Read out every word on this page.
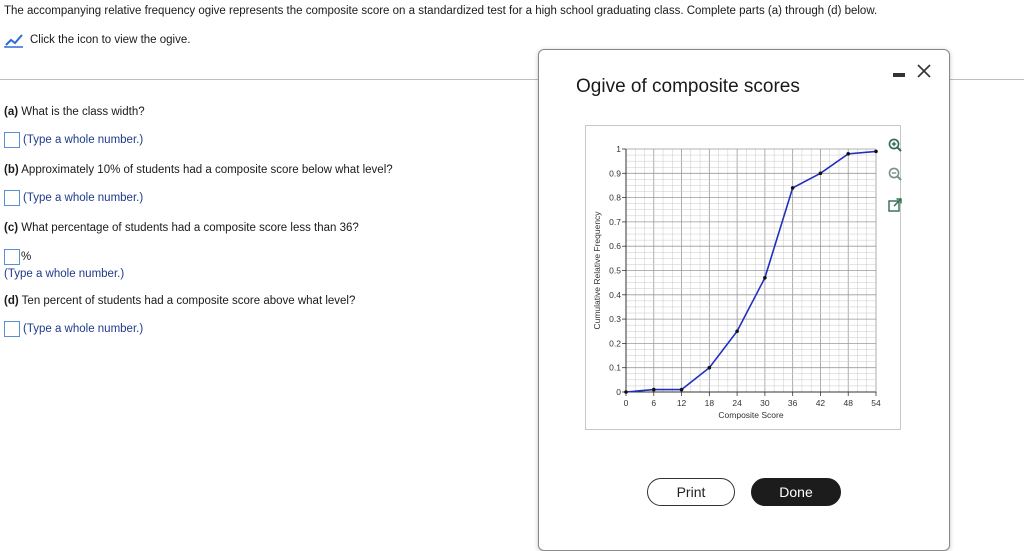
The accompanying relative frequency ogive represents the composite score on a standardized test for a high school graduating class. Complete parts (a) through (d) below.
Click the icon to view the ogive.
(a) What is the class width?
(Type a whole number.)
(b) Approximately 10% of students had a composite score below what level?
(Type a whole number.)
(c) What percentage of students had a composite score less than 36?
%
(Type a whole number.)
(d) Ten percent of students had a composite score above what level?
(Type a whole number.)
Ogive of composite scores
0
0.1
0.2
0.3
0.4
0.5
0.6
0.7
0.8
0.9
1
0	6 12 18 24 30 36 42 48 54
Composite Score
Cumulative Relative Frequency
Print	Done
